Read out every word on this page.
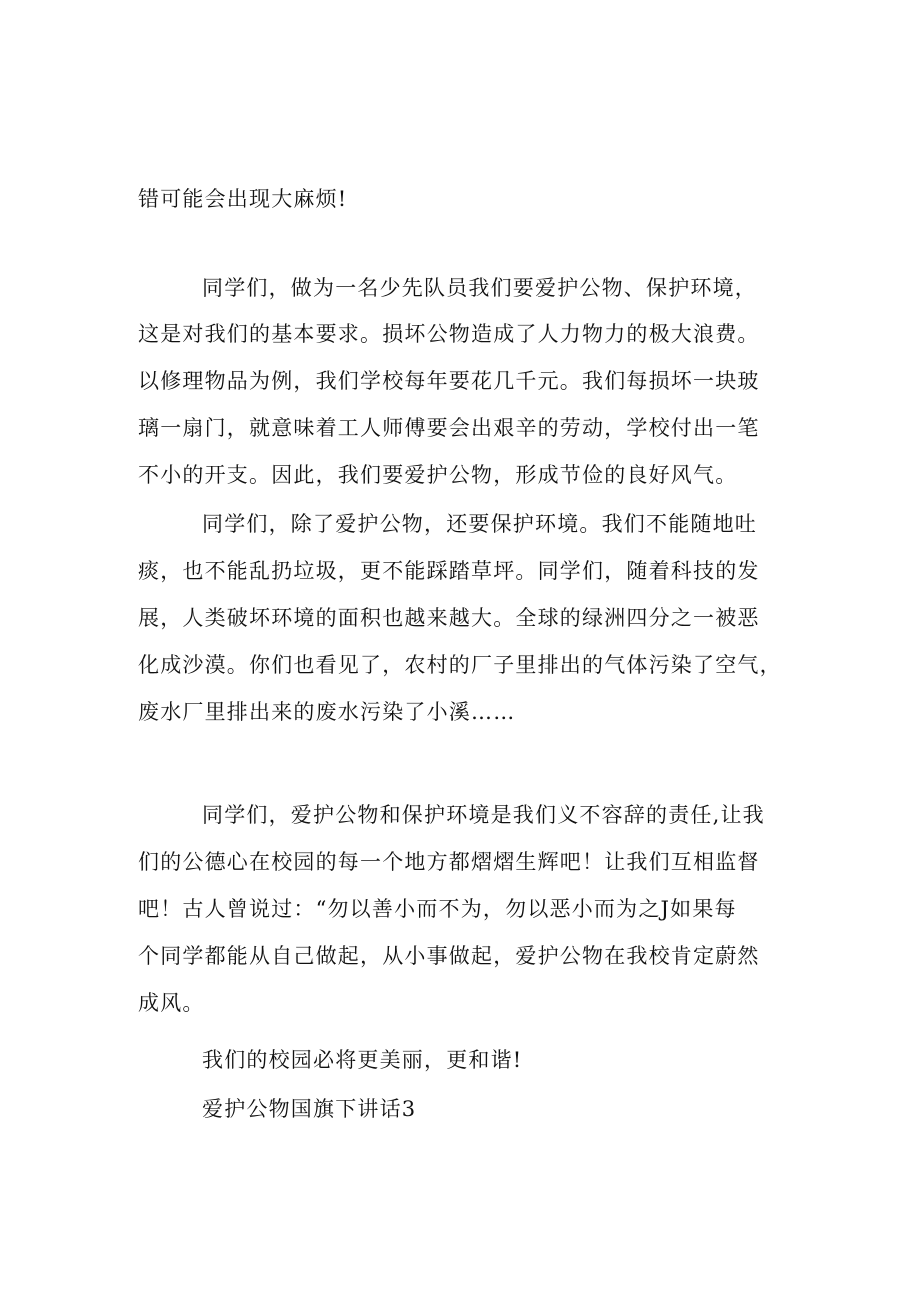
错可能会出现大麻烦!
同学们，做为一名少先队员我们要爱护公物、保护环境，
这是对我们的基本要求。损坏公物造成了人力物力的极大浪费。
以修理物品为例，我们学校每年要花几千元。我们每损坏一块玻
璃一扇门，就意味着工人师傅要会出艰辛的劳动，学校付出一笔
不小的开支。因此，我们要爱护公物，形成节俭的良好风气。
同学们，除了爱护公物，还要保护环境。我们不能随地吐
痰，也不能乱扔垃圾，更不能踩踏草坪。同学们，随着科技的发
展，人类破坏环境的面积也越来越大。全球的绿洲四分之一被恶
化成沙漠。你们也看见了，农村的厂子里排出的气体污染了空气，
废水厂里排出来的废水污染了小溪……
同学们，爱护公物和保护环境是我们义不容辞的责任,让我
们的公德心在校园的每一个地方都熠熠生辉吧！让我们互相监督
吧！古人曾说过：“勿以善小而不为，勿以恶小而为之J如果每
个同学都能从自己做起，从小事做起，爱护公物在我校肯定蔚然
成风。
我们的校园必将更美丽，更和谐!
爱护公物国旗下讲话3
